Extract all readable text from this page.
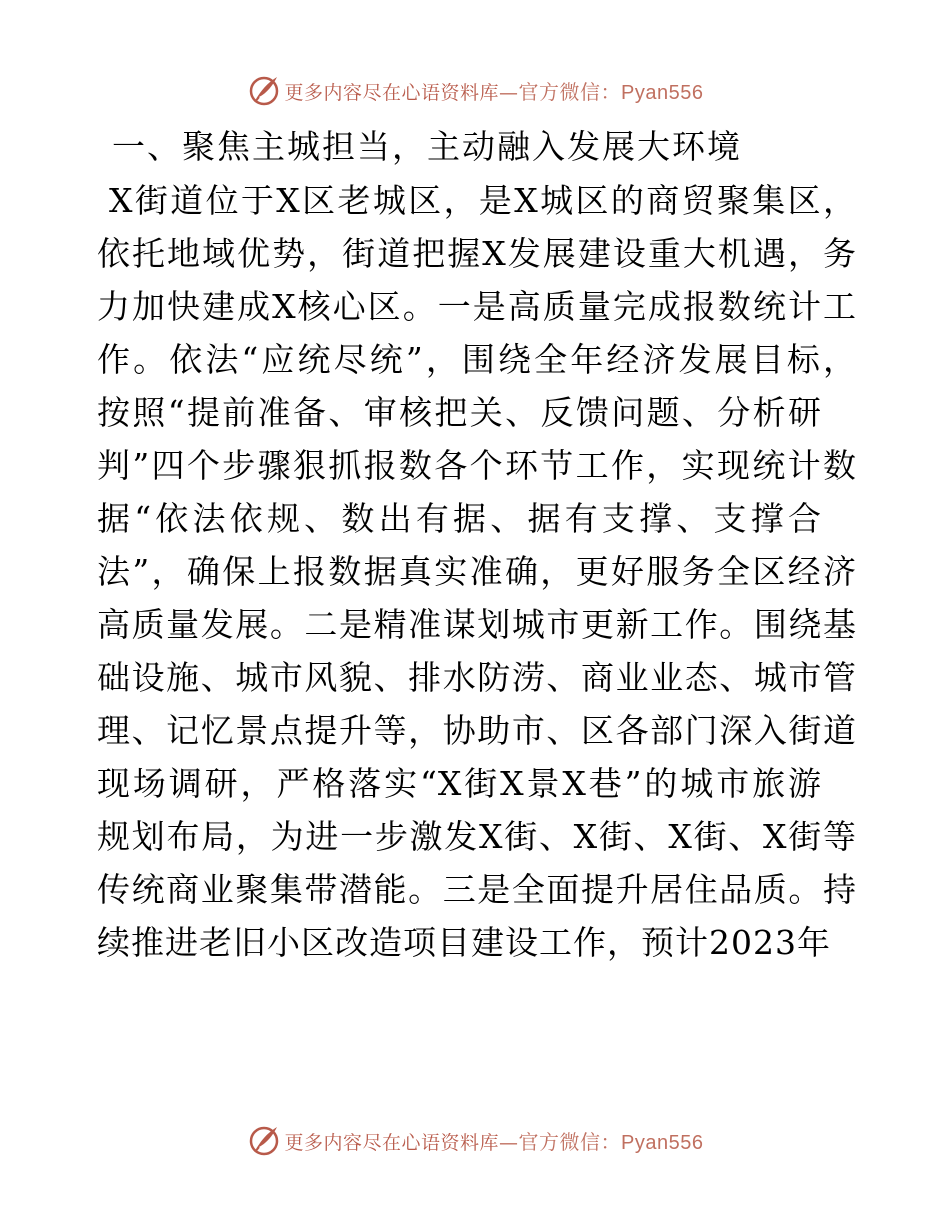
更多内容尽在心语资料库—官方微信：Pyan556
一、聚焦主城担当，主动融入发展大环境
X街道位于X区老城区，是X城区的商贸聚集区，
依托地域优势，街道把握X发展建设重大机遇，务
力加快建成X核心区。一是高质量完成报数统计工
作。依法“应统尽统”，围绕全年经济发展目标，
按照“提前准备、审核把关、反馈问题、分析研
判”四个步骤狠抓报数各个环节工作，实现统计数
据“依法依规、数出有据、据有支撑、支撑合
法”，确保上报数据真实准确，更好服务全区经济
高质量发展。二是精准谋划城市更新工作。围绕基
础设施、城市风貌、排水防涝、商业业态、城市管
理、记忆景点提升等，协助市、区各部门深入街道
现场调研，严格落实“X街X景X巷”的城市旅游
规划布局，为进一步激发X街、X街、X街、X街等
传统商业聚集带潜能。三是全面提升居住品质。持
续推进老旧小区改造项目建设工作，预计2023年
更多内容尽在心语资料库—官方微信：Pyan556
